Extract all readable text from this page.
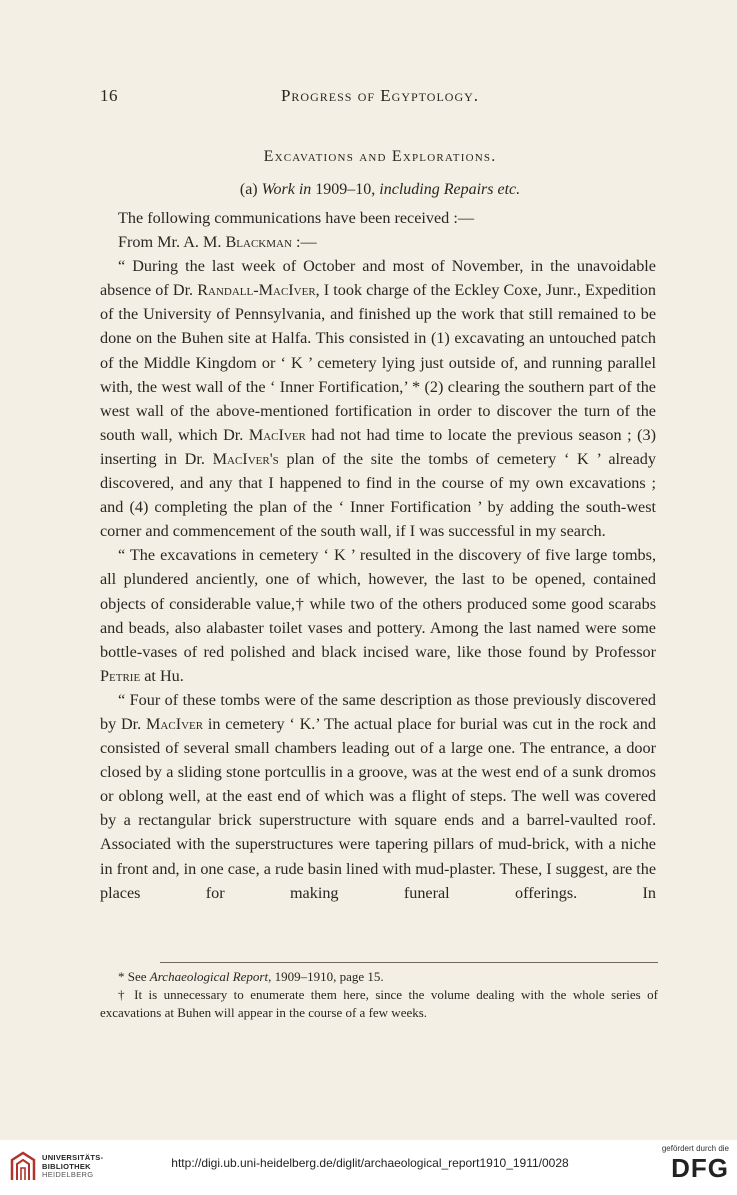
16	Progress of Egyptology.
Excavations and Explorations.
(a) Work in 1909–10, including Repairs etc.

The following communications have been received :—

From Mr. A. M. Blackman :—

“ During the last week of October and most of November, in the unavoidable absence of Dr. Randall-MacIver, I took charge of the Eckley Coxe, Junr., Expedition of the University of Pennsylvania, and finished up the work that still remained to be done on the Buhen site at Halfa. This consisted in (1) excavating an untouched patch of the Middle Kingdom or ‘ K ’ cemetery lying just outside of, and running parallel with, the west wall of the ‘ Inner Fortification,’ * (2) clearing the southern part of the west wall of the above-mentioned fortification in order to discover the turn of the south wall, which Dr. MacIver had not had time to locate the previous season ; (3) inserting in Dr. MacIver's plan of the site the tombs of cemetery ‘ K ’ already discovered, and any that I happened to find in the course of my own excavations ; and (4) completing the plan of the ‘ Inner Fortification ’ by adding the south-west corner and commencement of the south wall, if I was successful in my search.

“ The excavations in cemetery ‘ K ’ resulted in the discovery of five large tombs, all plundered anciently, one of which, however, the last to be opened, contained objects of considerable value,† while two of the others produced some good scarabs and beads, also alabaster toilet vases and pottery. Among the last named were some bottle-vases of red polished and black incised ware, like those found by Professor Petrie at Hu.

“ Four of these tombs were of the same description as those previously discovered by Dr. MacIver in cemetery ‘ K.’ The actual place for burial was cut in the rock and consisted of several small chambers leading out of a large one. The entrance, a door closed by a sliding stone portcullis in a groove, was at the west end of a sunk dromos or oblong well, at the east end of which was a flight of steps. The well was covered by a rectangular brick superstructure with square ends and a barrel-vaulted roof. Associated with the superstructures were tapering pillars of mud-brick, with a niche in front and, in one case, a rude basin lined with mud-plaster. These, I suggest, are the places for making funeral offerings. In

* See Archaeological Report, 1909–1910, page 15.

† It is unnecessary to enumerate them here, since the volume dealing with the whole series of excavations at Buhen will appear in the course of a few weeks.

UNIVERSITÄTS-
BIBLIOTHEK
HEIDELBERG
http://digi.ub.uni-heidelberg.de/diglit/archaeological_report1910_1911/0028
gefördert durch die
DFG
